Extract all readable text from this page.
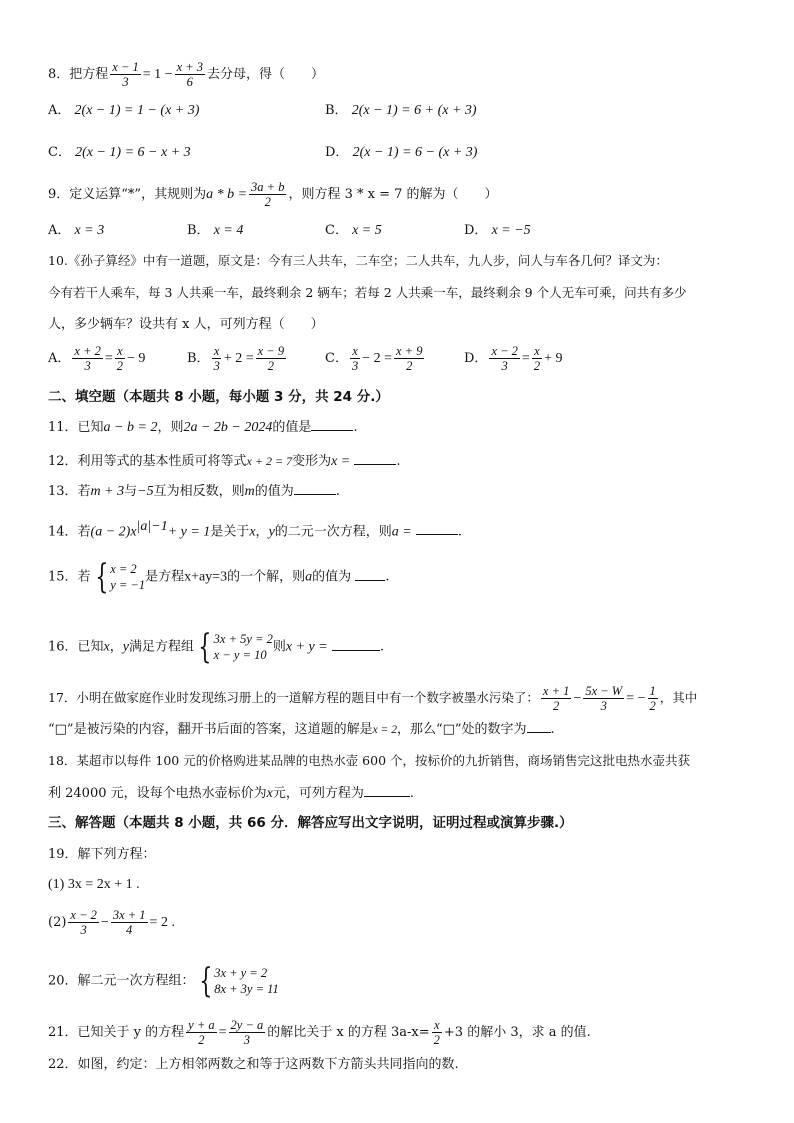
8．把方程 $\frac{x - 1}{3} = 1 - \frac{x + 3}{6}$ 去分母，得（　　）
A． 2(x − 1) = 1 − (x + 3)	B． 2(x − 1) = 6 + (x + 3)
C． 2(x − 1) = 6 − x + 3	D． 2(x − 1) = 6 − (x + 3)
9．定义运算“*”，其规则为$a * b = \frac{3a + b}{2}$ ，则方程 3 * x = 7 的解为（　　）
A． x = 3	B． x = 4	C． x = 5	D． x = −5
10.《孙子算经》中有一道题，原文是：今有三人共车，二车空；二人共车，九人步，问人与车各几何？译文为：
今有若干人乘车，每 3 人共乘一车，最终剩余 2 辆车；若每 2 人共乘一车，最终剩余 9 个人无车可乘，问共有多少
人，多少辆车？设共有 x 人，可列方程（　　）
A． $\frac{x + 2}{3} = \frac{x}{2} - 9$	B． $\frac{x}{3} + 2 = \frac{x - 9}{2}$	C． $\frac{x}{3} - 2 = \frac{x + 9}{2}$	D． $\frac{x - 2}{3} = \frac{x}{2} + 9$
二、填空题（本题共 8 小题，每小题 3 分，共 24 分.）
11．已知a − b = 2，则2a − 2b − 2024的值是	.
12．利用等式的基本性质可将等式x + 2 = 7变形为x =	.
13．若m + 3与−5互为相反数，则m的值为	.
14．若$(a - 2)x^{|a|-1}+ y = 1$是关于x，y的二元一次方程，则a =	.
15．若 { x = 2
y = −1
是方程x+ay=3的一个解，则a的值为	.
16．已知x，y满足方程组 { 3x + 5y = 2
x − y = 10
则x + y =	.
17．小明在做家庭作业时发现练习册上的一道解方程的题目中有一个数字被墨水污染了： $\frac{x + 1}{2} - \frac{5x - W}{3}$ = − $\frac{1}{2}$ ，其中
“□”是被污染的内容，翻开书后面的答案，这道题的解是x = 2，那么“□”处的数字为 .
18．某超市以每件 100 元的价格购进某品牌的电热水壶 600 个，按标价的九折销售，商场销售完这批电热水壶共获
利 24000 元，设每个电热水壶标价为x元，可列方程为	.
三、解答题（本题共 8 小题，共 66 分．解答应写出文字说明，证明过程或演算步骤.）
19．解下列方程：
(1) 3x = 2x + 1 .
$(2) \frac{x - 2}{3} - \frac{3x + 1}{4} = 2$ .
20．解二元一次方程组： { 3x + y = 2
8x + 3y = 11
21．已知关于 y 的方程 $\frac{y + a}{2} = \frac{2y - a}{3}$ 的解比关于 x 的方程 $3a-x= \frac{x}{2} +3$ 的解小 3，求 a 的值.
22．如图，约定：上方相邻两数之和等于这两数下方箭头共同指向的数.
